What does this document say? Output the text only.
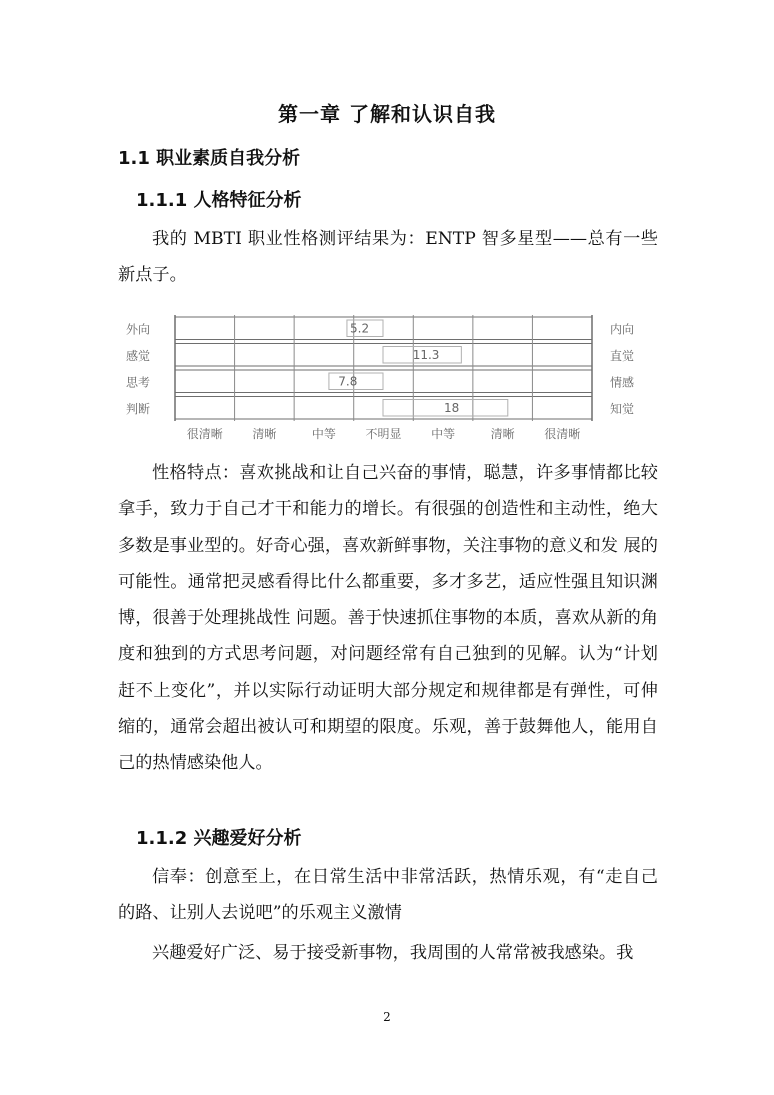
第一章 了解和认识自我
1.1 职业素质自我分析
1.1.1 人格特征分析

我的 MBTI 职业性格测评结果为：ENTP 智多星型——总有一些新点子。

5.2
11.3
7.8
18
外向
感觉
思考
判断
内向
直觉
情感
知觉
很清晰 清晰	中等 不明显 中等	清晰 很清晰

性格特点：喜欢挑战和让自己兴奋的事情，聪慧，许多事情都比较拿手，致力于自己才干和能力的增长。有很强的创造性和主动性，绝大多数是事业型的。好奇心强，喜欢新鲜事物，关注事物的意义和发 展的可能性。通常把灵感看得比什么都重要，多才多艺，适应性强且知识渊博，很善于处理挑战性 问题。善于快速抓住事物的本质，喜欢从新的角度和独到的方式思考问题，对问题经常有自己独到的见解。认为“计划赶不上变化”，并以实际行动证明大部分规定和规律都是有弹性，可伸缩的，通常会超出被认可和期望的限度。乐观，善于鼓舞他人，能用自己的热情感染他人。

1.1.2 兴趣爱好分析

信奉：创意至上，在日常生活中非常活跃，热情乐观，有“走自己的路、让别人去说吧”的乐观主义激情

兴趣爱好广泛、易于接受新事物，我周围的人常常被我感染。我

2
